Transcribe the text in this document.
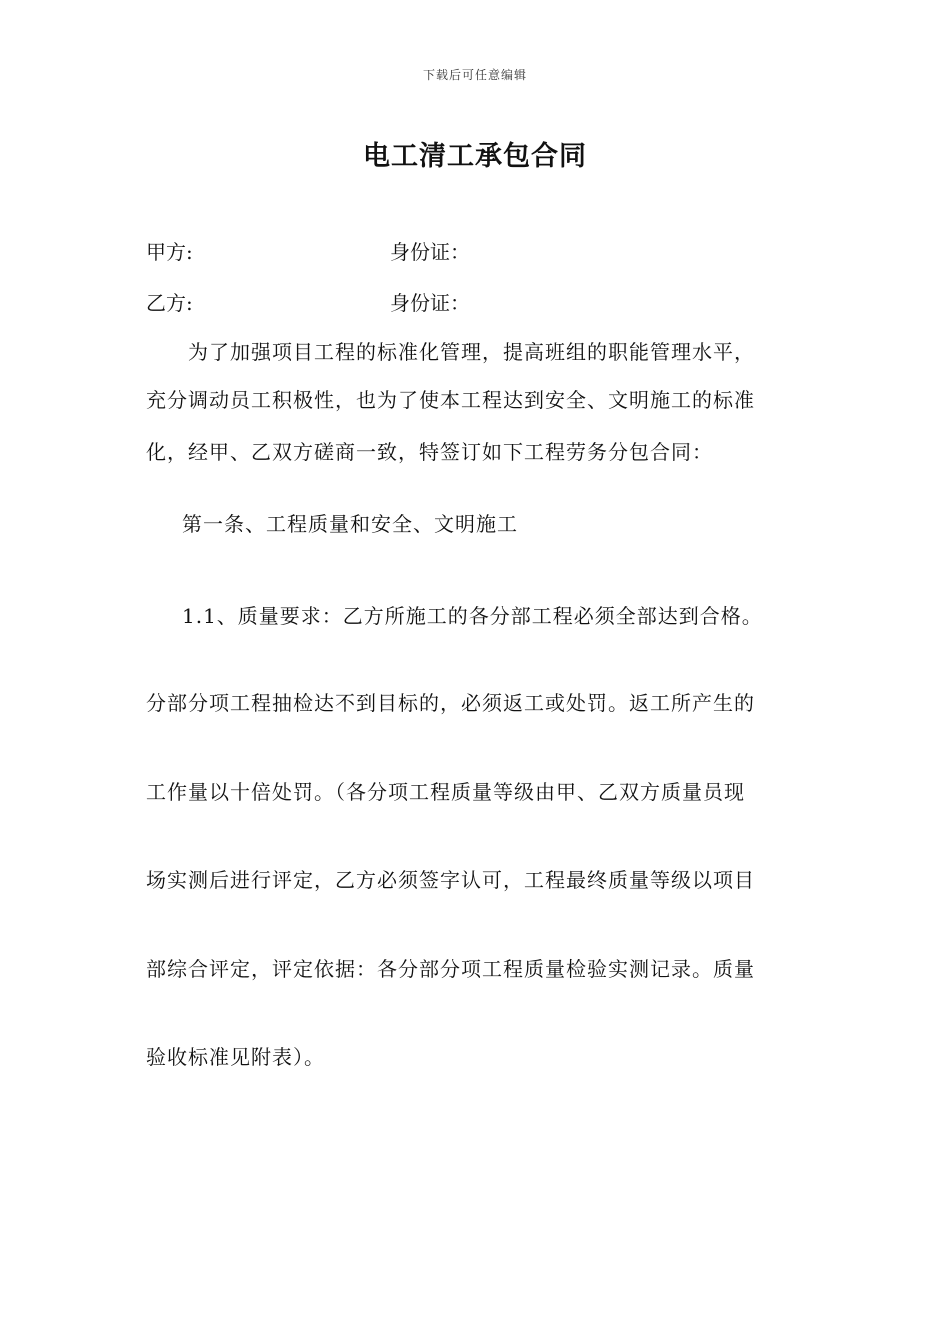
下载后可任意编辑
电工清工承包合同
甲方:	身份证：
乙方:	身份证：
为了加强项目工程的标准化管理，提高班组的职能管理水平，
充分调动员工积极性，也为了使本工程达到安全、文明施工的标准
化，经甲、乙双方磋商一致，特签订如下工程劳务分包合同：
第一条、工程质量和安全、文明施工
1.1、质量要求：乙方所施工的各分部工程必须全部达到合格。
分部分项工程抽检达不到目标的，必须返工或处罚。返工所产生的
工作量以十倍处罚。（各分项工程质量等级由甲、乙双方质量员现
场实测后进行评定，乙方必须签字认可，工程最终质量等级以项目
部综合评定，评定依据：各分部分项工程质量检验实测记录。质量
验收标准见附表）。
